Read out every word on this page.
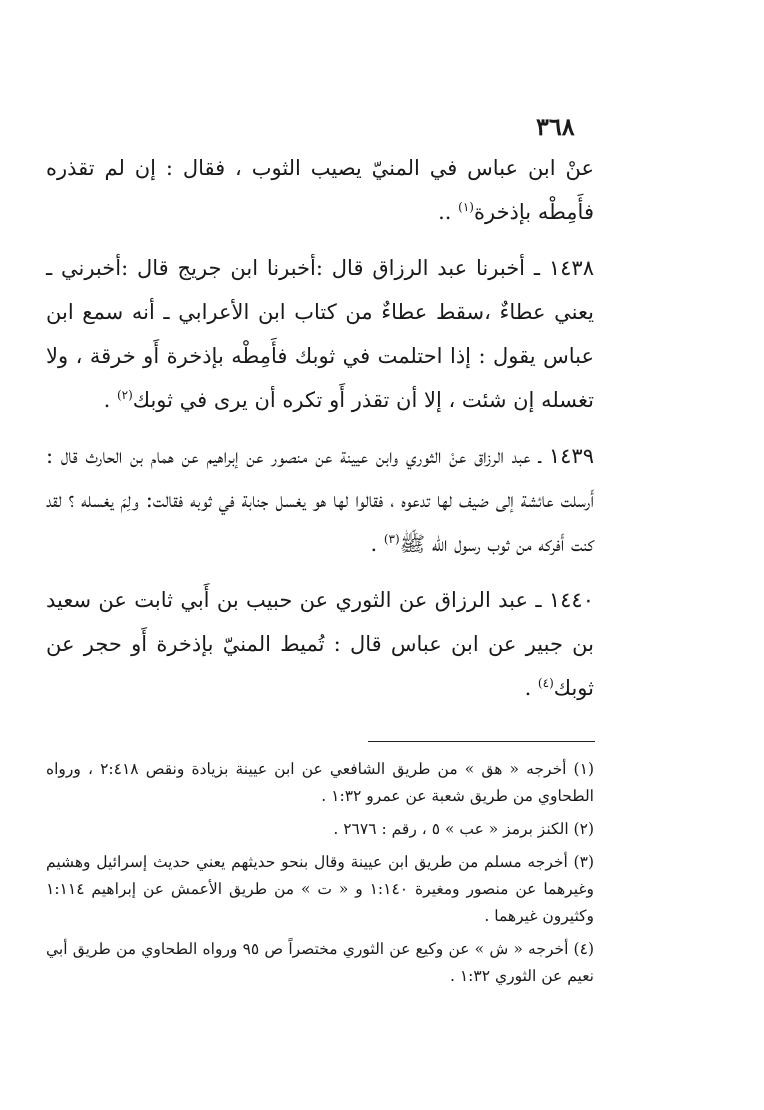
٣٦٨

عنْ ابن عباس في المنيّ يصيب الثوب ، فقال : إن لم تقذره فأَمِطْه بإذخرة$^{(١)}$ ..

١٤٣٨ ـ أخبرنا عبد الرزاق قال :أخبرنا ابن جريج قال :أخبرني ـ يعني عطاءٌ ،سقط عطاءٌ من كتاب ابن الأعرابي ـ أنه سمع ابن عباس يقول : إذا احتلمت في ثوبك فأَمِطْه بإذخرة أَو خرقة ، ولا تغسله إن شئت ، إلا أن تقذر أَو تكره أن يرى في ثوبك$^{(٢)}$ .

١٤٣٩ ـ عبد الرزاق عنْ الثوري وابن عيينة عن منصور عن إبراهيم عن همام بن الحارث قال : أَرسلت عائشة إلى ضيف لها تدعوه ، فقالوا لها هو يغسل جنابة في ثوبه فقالت: ولِمَ يغسله ؟ لقد كنت أَفركه من ثوب رسول الله ﷺ$^{(٣)}$ .

١٤٤٠ ـ عبد الرزاق عن الثوري عن حبيب بن أَبي ثابت عن سعيد بن جبير عن ابن عباس قال : تُميط المنيّ بإذخرة أَو حجر عن ثوبك$^{(٤)}$ .

(١) أخرجه « هق » من طريق الشافعي عن ابن عيينة بزيادة ونقص ٢:٤١٨ ، ورواه الطحاوي من طريق شعبة عن عمرو ١:٣٢ .

(٢) الكنز برمز « عب » ٥ ، رقم : ٢٦٧٦ .

(٣) أخرجه مسلم من طريق ابن عيينة وقال بنحو حديثهم يعني حديث إسرائيل وهشيم وغيرهما عن منصور ومغيرة ١:١٤٠ و « ت » من طريق الأعمش عن إبراهيم ١:١١٤ وكثيرون غيرهما .

(٤) أخرجه « ش » عن وكيع عن الثوري مختصراً ص ٩٥ ورواه الطحاوي من طريق أبي نعيم عن الثوري ١:٣٢ .
